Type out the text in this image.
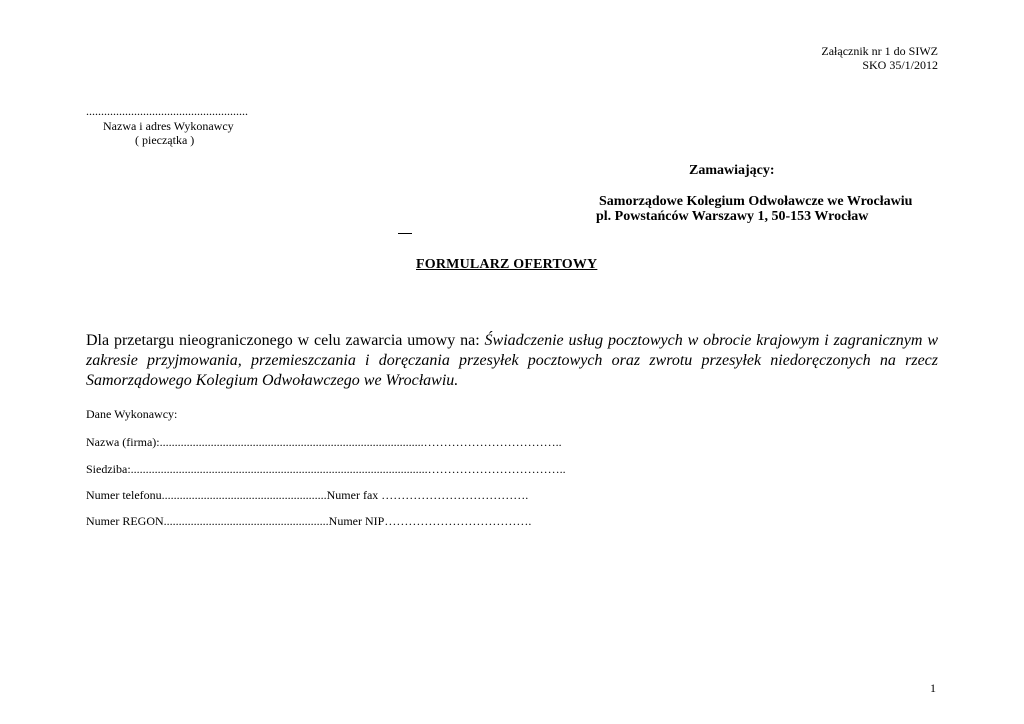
Załącznik nr 1 do SIWZ
SKO 35/1/2012
......................................................
Nazwa i adres Wykonawcy
( pieczątka )
Zamawiający:
Samorządowe Kolegium Odwoławcze we Wrocławiu
pl. Powstańców Warszawy 1, 50-153 Wrocław
FORMULARZ OFERTOWY
Dla przetargu nieograniczonego w celu zawarcia umowy na: Świadczenie usług pocztowych w obrocie krajowym i zagranicznym w zakresie przyjmowania, przemieszczania i doręczania przesyłek pocztowych oraz zwrotu przesyłek niedoręczonych na rzecz Samorządowego Kolegium Odwoławczego we Wrocławiu.
Dane Wykonawcy:
Nazwa (firma):........................................................................................……………………………..
Siedziba:...................................................................................................……………………………..
Numer telefonu.......................................................Numer fax ……………………………….
Numer REGON.......................................................Numer NIP……………………………….
1
